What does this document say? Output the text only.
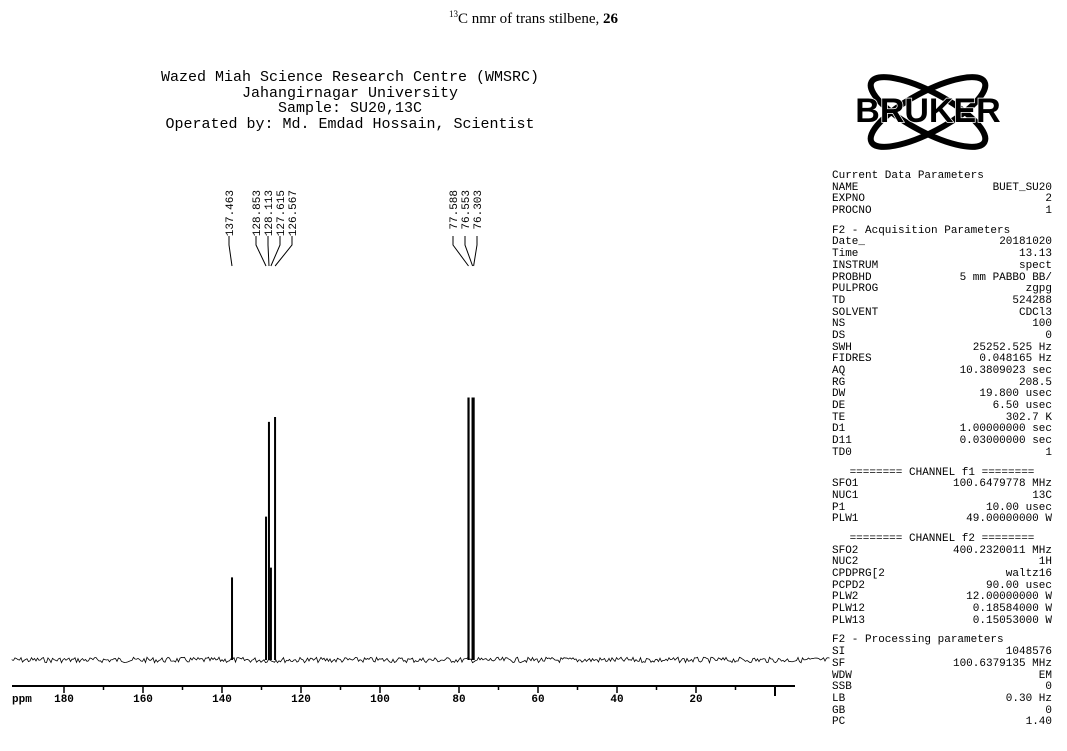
$^{13}$C nmr of trans stilbene, 26
Wazed Miah Science Research Centre (WMSRC)
Jahangirnagar University
Sample: SU20,13C
Operated by: Md. Emdad Hossain, Scientist
137.463 128.853 128.113 127.615 126.567	77.588 76.553 76.303
180	160	140	120	100	80	60	40	20
ppm
BRUKER
Current Data Parameters
NAME	BUET_SU20
EXPNO	2
PROCNO	1
F2 - Acquisition Parameters
Date_	20181020
Time	13.13
INSTRUM	spect
PROBHD	5 mm PABBO BB/
PULPROG	zgpg
TD	524288
SOLVENT	CDCl3
NS	100
DS	0
SWH	25252.525 Hz
FIDRES	0.048165 Hz
AQ	10.3809023 sec
RG	208.5
DW	19.800 usec
DE	6.50 usec
TE	302.7 K
D1	1.00000000 sec
D11	0.03000000 sec
TD0	1
======== CHANNEL f1 ========
SFO1	100.6479778 MHz
NUC1	13C
P1	10.00 usec
PLW1	49.00000000 W
======== CHANNEL f2 ========
SFO2	400.2320011 MHz
NUC2	1H
CPDPRG[2	waltz16
PCPD2	90.00 usec
PLW2	12.00000000 W
PLW12	0.18584000 W
PLW13	0.15053000 W
F2 - Processing parameters
SI	1048576
SF	100.6379135 MHz
WDW	EM
SSB	0
LB	0.30 Hz
GB	0
PC	1.40
